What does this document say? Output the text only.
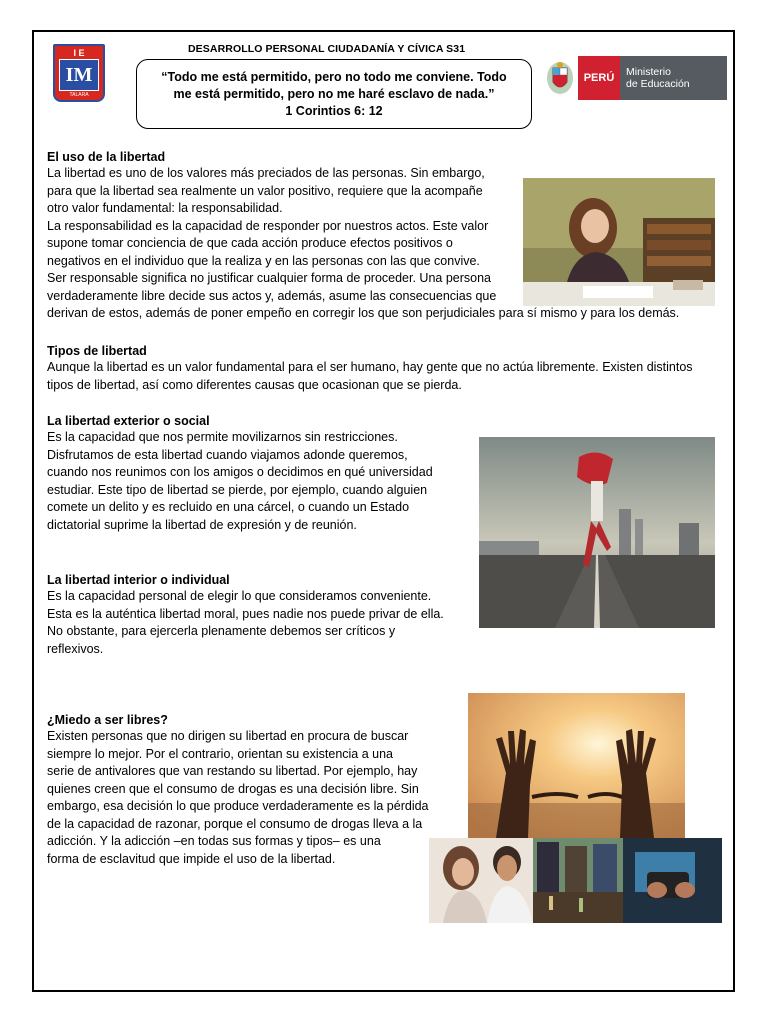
I E
IM
TALARA
DESARROLLO PERSONAL CIUDADANÍA Y CÍVICA S31
“Todo me está permitido, pero no todo me conviene. Todo
me está permitido, pero no me haré esclavo de nada.”
1 Corintios 6: 12
PERÚ	Ministerio
de Educación
El uso de la libertad
La libertad es uno de los valores más preciados de las personas. Sin embargo,
para que la libertad sea realmente un valor positivo, requiere que la acompañe
otro valor fundamental: la responsabilidad.
La responsabilidad es la capacidad de responder por nuestros actos. Este valor
supone tomar conciencia de que cada acción produce efectos positivos o
negativos en el individuo que la realiza y en las personas con las que convive.
Ser responsable significa no justificar cualquier forma de proceder. Una persona
verdaderamente libre decide sus actos y, además, asume las consecuencias que
derivan de estos, además de poner empeño en corregir los que son perjudiciales para sí mismo y para los demás.
Tipos de libertad
Aunque la libertad es un valor fundamental para el ser humano, hay gente que no actúa libremente. Existen distintos
tipos de libertad, así como diferentes causas que ocasionan que se pierda.
La libertad exterior o social
Es la capacidad que nos permite movilizarnos sin restricciones.
Disfrutamos de esta libertad cuando viajamos adonde queremos,
cuando nos reunimos con los amigos o decidimos en qué universidad
estudiar. Este tipo de libertad se pierde, por ejemplo, cuando alguien
comete un delito y es recluido en una cárcel, o cuando un Estado
dictatorial suprime la libertad de expresión y de reunión.
La libertad interior o individual
Es la capacidad personal de elegir lo que consideramos conveniente.
Esta es la auténtica libertad moral, pues nadie nos puede privar de ella.
No obstante, para ejercerla plenamente debemos ser críticos y
reflexivos.
¿Miedo a ser libres?
Existen personas que no dirigen su libertad en procura de buscar
siempre lo mejor. Por el contrario, orientan su existencia a una
serie de antivalores que van restando su libertad. Por ejemplo, hay
quienes creen que el consumo de drogas es una decisión libre. Sin
embargo, esa decisión lo que produce verdaderamente es la pérdida
de la capacidad de razonar, porque el consumo de drogas lleva a la
adicción. Y la adicción –en todas sus formas y tipos– es una
forma de esclavitud que impide el uso de la libertad.
